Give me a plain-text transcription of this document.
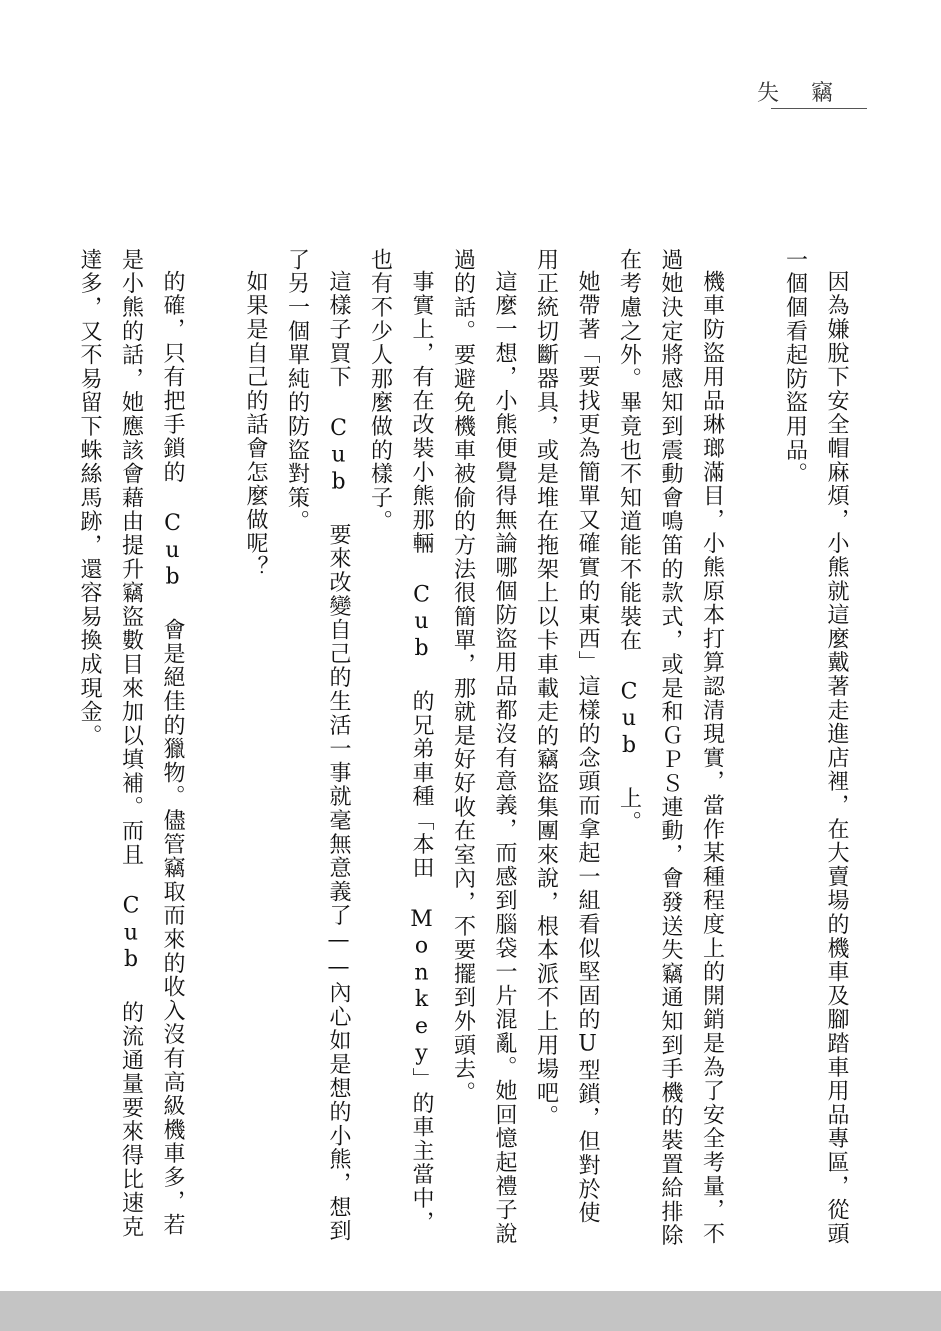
失竊

因為嫌脫下安全帽麻煩，小熊就這麼戴著走進店裡，在大賣場的機車及腳踏車用品專區，從頭一個個看起防盜用品。

機車防盜用品琳瑯滿目，小熊原本打算認清現實，當作某種程度上的開銷是為了安全考量，不過她決定將感知到震動會鳴笛的款式，或是和ＧＰＳ連動，會發送失竊通知到手機的裝置給排除在考慮之外。畢竟也不知道能不能裝在 Cub 上。

她帶著「要找更為簡單又確實的東西」這樣的念頭而拿起一組看似堅固的U型鎖，但對於使用正統切斷器具，或是堆在拖架上以卡車載走的竊盜集團來說，根本派不上用場吧。

這麼一想，小熊便覺得無論哪個防盜用品都沒有意義，而感到腦袋一片混亂。她回憶起禮子說過的話。要避免機車被偷的方法很簡單，那就是好好收在室內，不要擺到外頭去。

事實上，有在改裝小熊那輛 Cub 的兄弟車種「本田 Monkey」的車主當中，也有不少人那麼做的樣子。

這樣子買下 Cub 要來改變自己的生活一事就毫無意義了——內心如是想的小熊，想到了另一個單純的防盜對策。

如果是自己的話會怎麼做呢？

的確，只有把手鎖的 Cub 會是絕佳的獵物。儘管竊取而來的收入沒有高級機車多，若是小熊的話，她應該會藉由提升竊盜數目來加以填補。而且 Cub 的流通量要來得比速克達多，又不易留下蛛絲馬跡，還容易換成現金。
